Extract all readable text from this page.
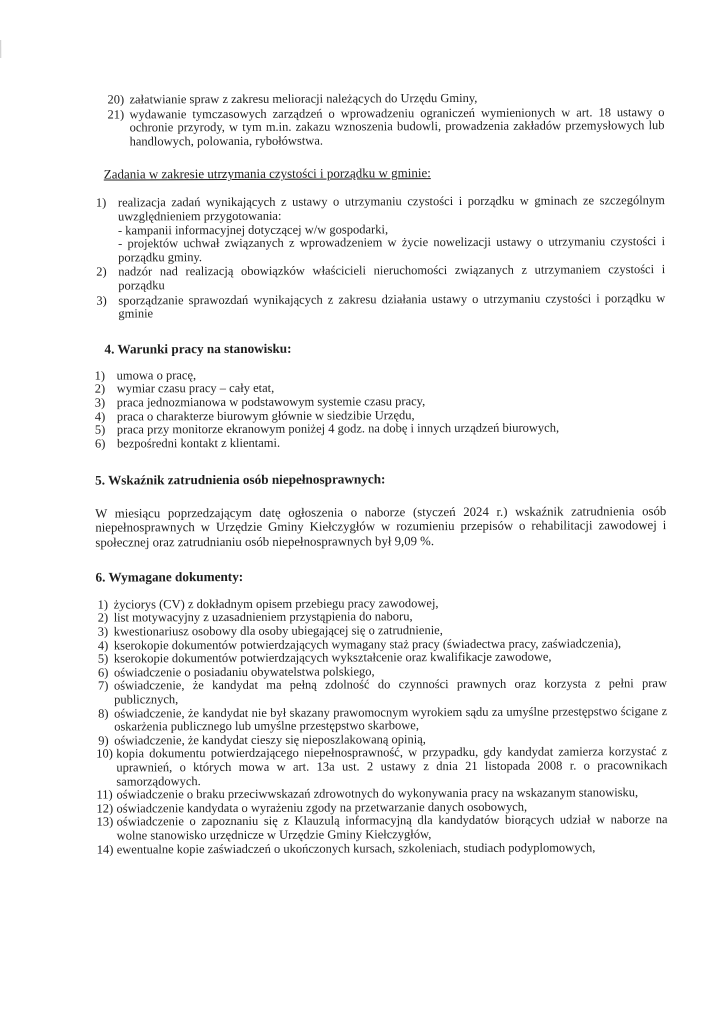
20) załatwianie spraw z zakresu melioracji należących do Urzędu Gminy,
21) wydawanie tymczasowych zarządzeń o wprowadzeniu ograniczeń wymienionych w art. 18 ustawy o ochronie przyrody, w tym m.in. zakazu wznoszenia budowli, prowadzenia zakładów przemysłowych lub handlowych, polowania, rybołówstwa.

Zadania w zakresie utrzymania czystości i porządku w gminie:

1) realizacja zadań wynikających z ustawy o utrzymaniu czystości i porządku w gminach ze szczególnym uwzględnieniem przygotowania:
- kampanii informacyjnej dotyczącej w/w gospodarki,
- projektów uchwał związanych z wprowadzeniem w życie nowelizacji ustawy o utrzymaniu czystości i porządku gminy.
2) nadzór nad realizacją obowiązków właścicieli nieruchomości związanych z utrzymaniem czystości i porządku
3) sporządzanie sprawozdań wynikających z zakresu działania ustawy o utrzymaniu czystości i porządku w gminie

4. Warunki pracy na stanowisku:

1) umowa o pracę,
2) wymiar czasu pracy – cały etat,
3) praca jednozmianowa w podstawowym systemie czasu pracy,
4) praca o charakterze biurowym głównie w siedzibie Urzędu,
5) praca przy monitorze ekranowym poniżej 4 godz. na dobę i innych urządzeń biurowych,
6) bezpośredni kontakt z klientami.

5. Wskaźnik zatrudnienia osób niepełnosprawnych:

W miesiącu poprzedzającym datę ogłoszenia o naborze (styczeń 2024 r.) wskaźnik zatrudnienia osób niepełnosprawnych w Urzędzie Gminy Kiełczygłów w rozumieniu przepisów o rehabilitacji zawodowej i społecznej oraz zatrudnianiu osób niepełnosprawnych był 9,09 %.

6. Wymagane dokumenty:

1) życiorys (CV) z dokładnym opisem przebiegu pracy zawodowej,
2) list motywacyjny z uzasadnieniem przystąpienia do naboru,
3) kwestionariusz osobowy dla osoby ubiegającej się o zatrudnienie,
4) kserokopie dokumentów potwierdzających wymagany staż pracy (świadectwa pracy, zaświadczenia),
5) kserokopie dokumentów potwierdzających wykształcenie oraz kwalifikacje zawodowe,
6) oświadczenie o posiadaniu obywatelstwa polskiego,
7) oświadczenie, że kandydat ma pełną zdolność do czynności prawnych oraz korzysta z pełni praw publicznych,
8) oświadczenie, że kandydat nie był skazany prawomocnym wyrokiem sądu za umyślne przestępstwo ścigane z oskarżenia publicznego lub umyślne przestępstwo skarbowe,
9) oświadczenie, że kandydat cieszy się nieposzlakowaną opinią,
10) kopia dokumentu potwierdzającego niepełnosprawność, w przypadku, gdy kandydat zamierza korzystać z uprawnień, o których mowa w art. 13a ust. 2 ustawy z dnia 21 listopada 2008 r. o pracownikach samorządowych.
11) oświadczenie o braku przeciwwskazań zdrowotnych do wykonywania pracy na wskazanym stanowisku,
12) oświadczenie kandydata o wyrażeniu zgody na przetwarzanie danych osobowych,
13) oświadczenie o zapoznaniu się z Klauzulą informacyjną dla kandydatów biorących udział w naborze na wolne stanowisko urzędnicze w Urzędzie Gminy Kiełczygłów,
14) ewentualne kopie zaświadczeń o ukończonych kursach, szkoleniach, studiach podyplomowych,
